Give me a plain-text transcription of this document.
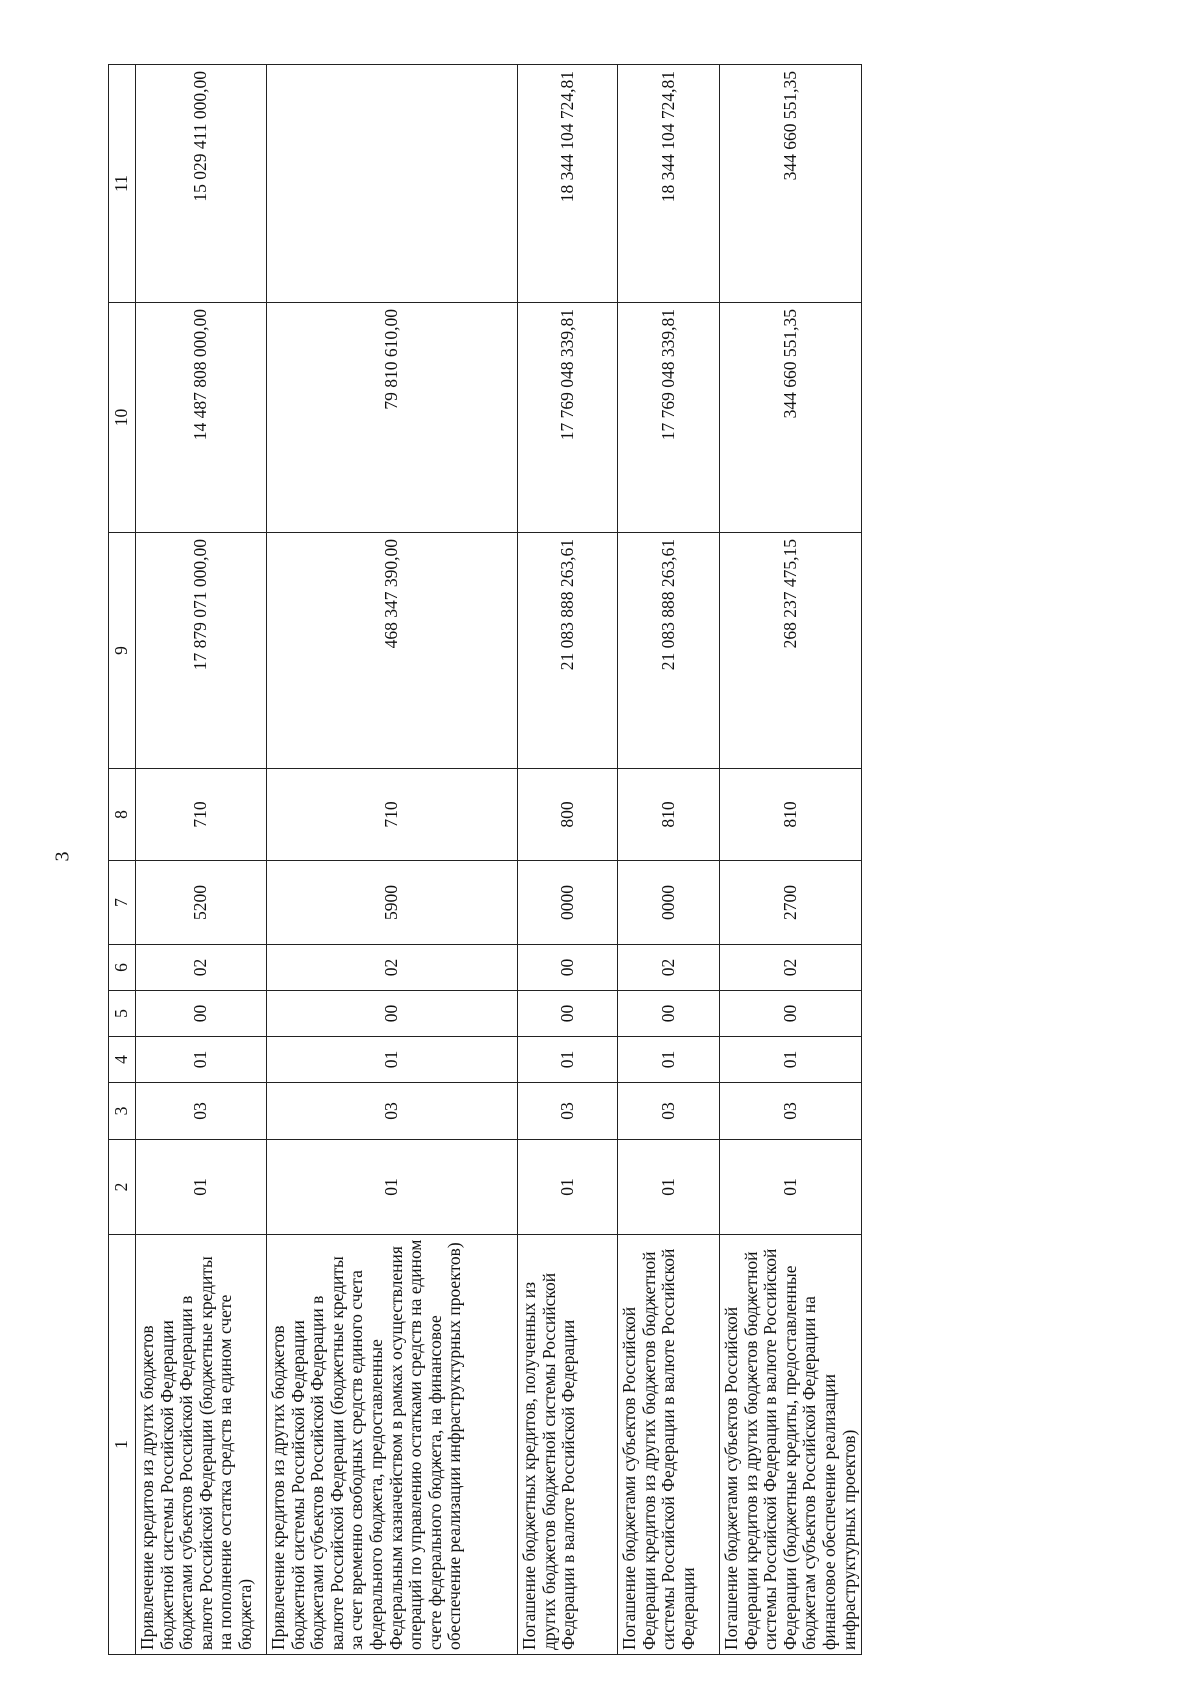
3
1	2	3	4	5	6	7	8	9	10	11
Привлечение кредитов из других бюджетов бюджетной системы Российской Федерации бюджетами субъектов Российской Федерации в валюте Российской Федерации (бюджетные кредиты на пополнение остатка средств на едином счете бюджета)	01	03	01	00	02	5200	710	17 879 071 000,00	14 487 808 000,00	15 029 411 000,00
Привлечение кредитов из других бюджетов бюджетной системы Российской Федерации бюджетами субъектов Российской Федерации в валюте Российской Федерации (бюджетные кредиты за счет временно свободных средств единого счета федерального бюджета, предоставленные Федеральным казначейством в рамках осуществления операций по управлению остатками средств на едином счете федерального бюджета, на финансовое обеспечение реализации инфраструктурных проектов)	01	03	01	00	02	5900	710	468 347 390,00	79 810 610,00	
Погашение бюджетных кредитов, полученных из других бюджетов бюджетной системы Российской Федерации в валюте Российской Федерации	01	03	01	00	00	0000	800	21 083 888 263,61	17 769 048 339,81	18 344 104 724,81
Погашение бюджетами субъектов Российской Федерации кредитов из других бюджетов бюджетной системы Российской Федерации в валюте Российской Федерации	01	03	01	00	02	0000	810	21 083 888 263,61	17 769 048 339,81	18 344 104 724,81
Погашение бюджетами субъектов Российской Федерации кредитов из других бюджетов бюджетной системы Российской Федерации в валюте Российской Федерации (бюджетные кредиты, предоставленные бюджетам субъектов Российской Федерации на финансовое обеспечение реализации инфраструктурных проектов)	01	03	01	00	02	2700	810	268 237 475,15	344 660 551,35	344 660 551,35
